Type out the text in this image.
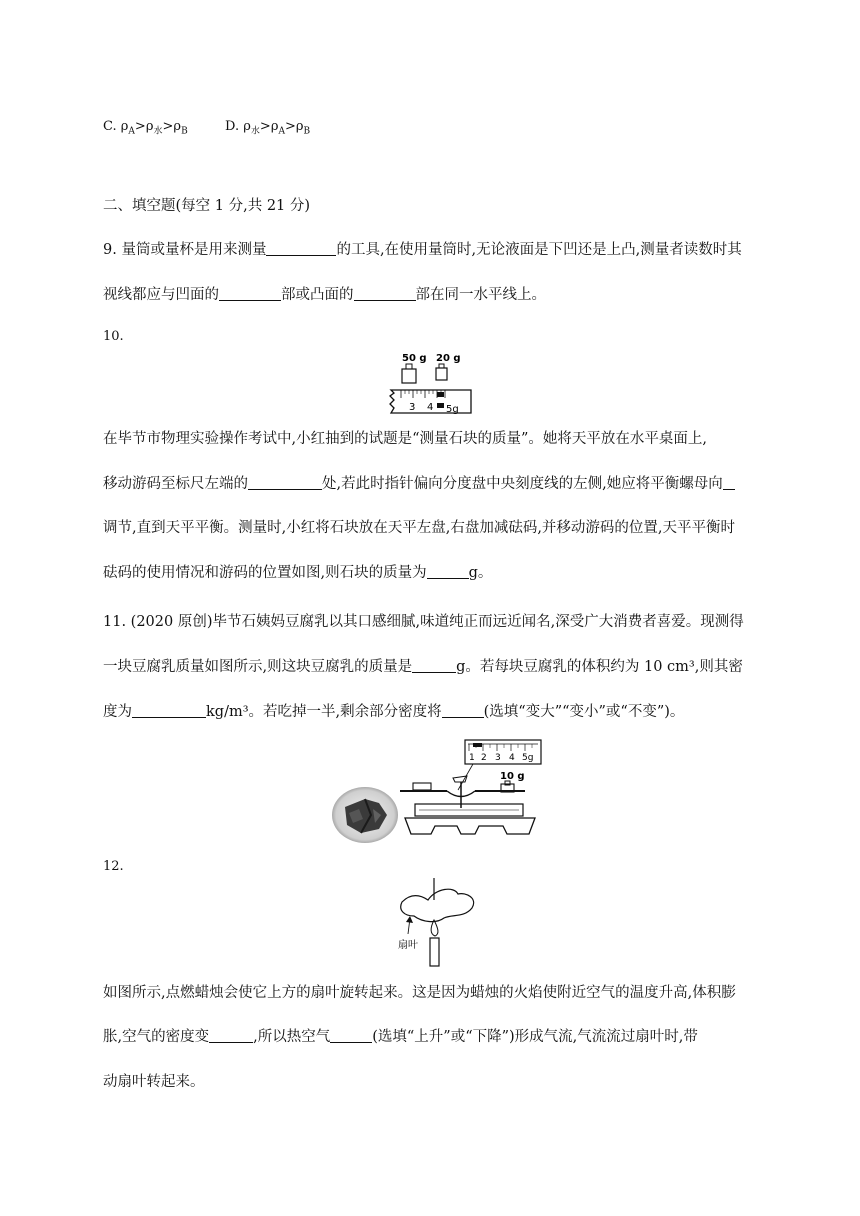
C. $\rho_A>\rho_水>\rho_B$	D. $\rho_水>\rho_A>\rho_B$
二、填空题(每空 1 分,共 21 分)
9. 量筒或量杯是用来测量	的工具,在使用量筒时,无论液面是下凹还是上凸,测量者读数时其
视线都应与凹面的	部或凸面的	部在同一水平线上。
10.
50 g 20 g
3 4 5g
在毕节市物理实验操作考试中,小红抽到的试题是“测量石块的质量”。她将天平放在水平桌面上,
移动游码至标尺左端的	处,若此时指针偏向分度盘中央刻度线的左侧,她应将平衡螺母向
调节,直到天平平衡。测量时,小红将石块放在天平左盘,右盘加减砝码,并移动游码的位置,天平平衡时
砝码的使用情况和游码的位置如图,则石块的质量为	g。
11. (2020 原创)毕节石姨妈豆腐乳以其口感细腻,味道纯正而远近闻名,深受广大消费者喜爱。现测得
一块豆腐乳质量如图所示,则这块豆腐乳的质量是	g。若每块豆腐乳的体积约为 10 cm³,则其密
度为	kg/m³。若吃掉一半,剩余部分密度将	(选填“变大”“变小”或“不变”)。
1 2 3 4 5g
10 g
12.
扇叶
如图所示,点燃蜡烛会使它上方的扇叶旋转起来。这是因为蜡烛的火焰使附近空气的温度升高,体积膨
胀,空气的密度变	,所以热空气	(选填“上升”或“下降”)形成气流,气流流过扇叶时,带
动扇叶转起来。
